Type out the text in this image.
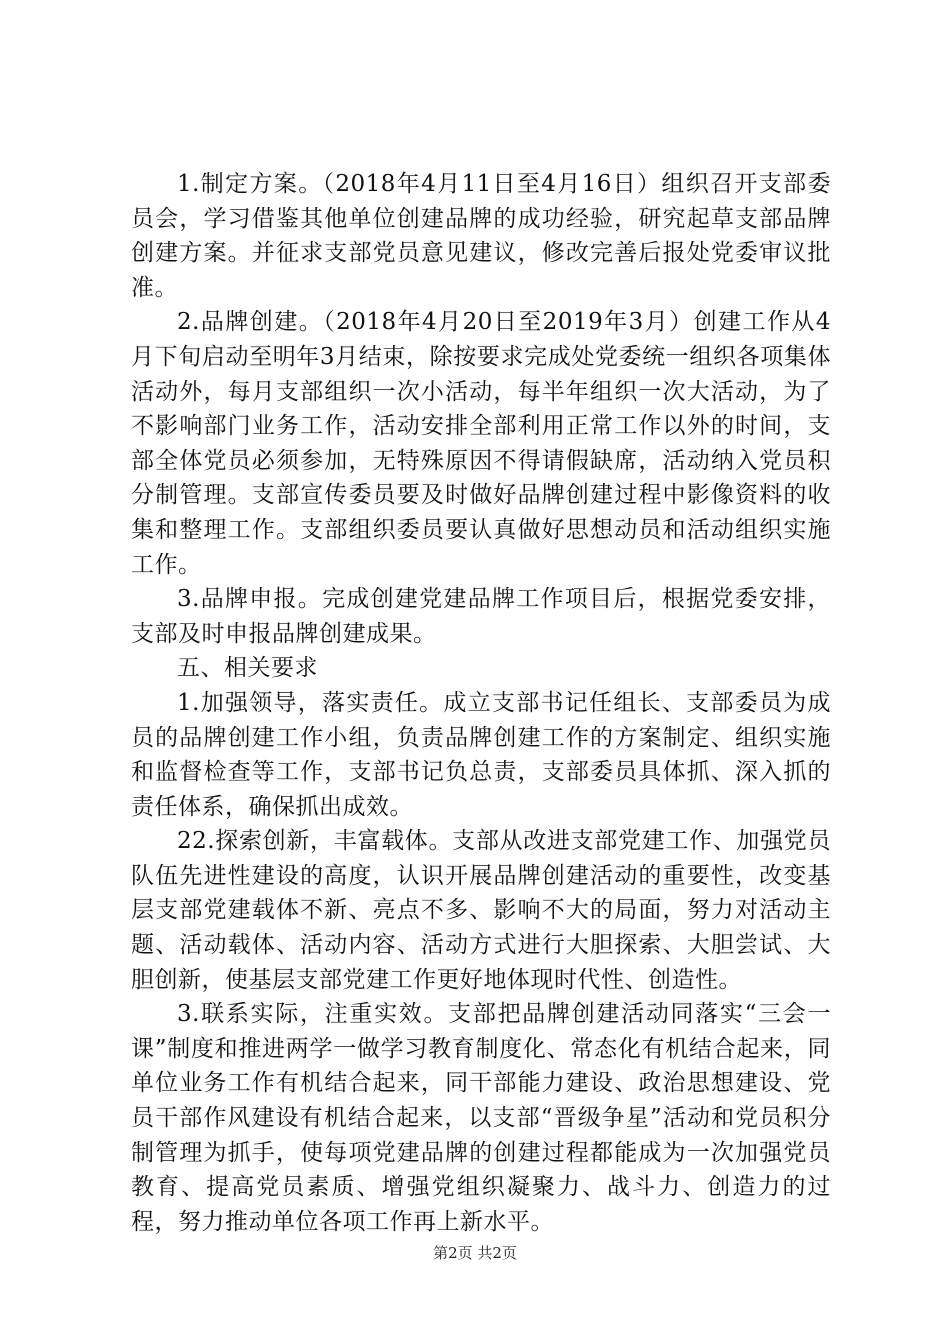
1.制定方案。（2018年4月11日至4月16日）组织召开支部委员会，学习借鉴其他单位创建品牌的成功经验，研究起草支部品牌创建方案。并征求支部党员意见建议，修改完善后报处党委审议批准。

2.品牌创建。（2018年4月20日至2019年3月）创建工作从4月下旬启动至明年3月结束，除按要求完成处党委统一组织各项集体活动外，每月支部组织一次小活动，每半年组织一次大活动，为了不影响部门业务工作，活动安排全部利用正常工作以外的时间，支部全体党员必须参加，无特殊原因不得请假缺席，活动纳入党员积分制管理。支部宣传委员要及时做好品牌创建过程中影像资料的收集和整理工作。支部组织委员要认真做好思想动员和活动组织实施工作。

3.品牌申报。完成创建党建品牌工作项目后，根据党委安排，支部及时申报品牌创建成果。

五、相关要求

1.加强领导，落实责任。成立支部书记任组长、支部委员为成员的品牌创建工作小组，负责品牌创建工作的方案制定、组织实施和监督检查等工作，支部书记负总责，支部委员具体抓、深入抓的责任体系，确保抓出成效。

22.探索创新，丰富载体。支部从改进支部党建工作、加强党员队伍先进性建设的高度，认识开展品牌创建活动的重要性，改变基层支部党建载体不新、亮点不多、影响不大的局面，努力对活动主题、活动载体、活动内容、活动方式进行大胆探索、大胆尝试、大胆创新，使基层支部党建工作更好地体现时代性、创造性。

3.联系实际，注重实效。支部把品牌创建活动同落实“三会一课”制度和推进两学一做学习教育制度化、常态化有机结合起来，同单位业务工作有机结合起来，同干部能力建设、政治思想建设、党员干部作风建设有机结合起来，以支部“晋级争星”活动和党员积分制管理为抓手，使每项党建品牌的创建过程都能成为一次加强党员教育、提高党员素质、增强党组织凝聚力、战斗力、创造力的过程，努力推动单位各项工作再上新水平。

第2页 共2页
